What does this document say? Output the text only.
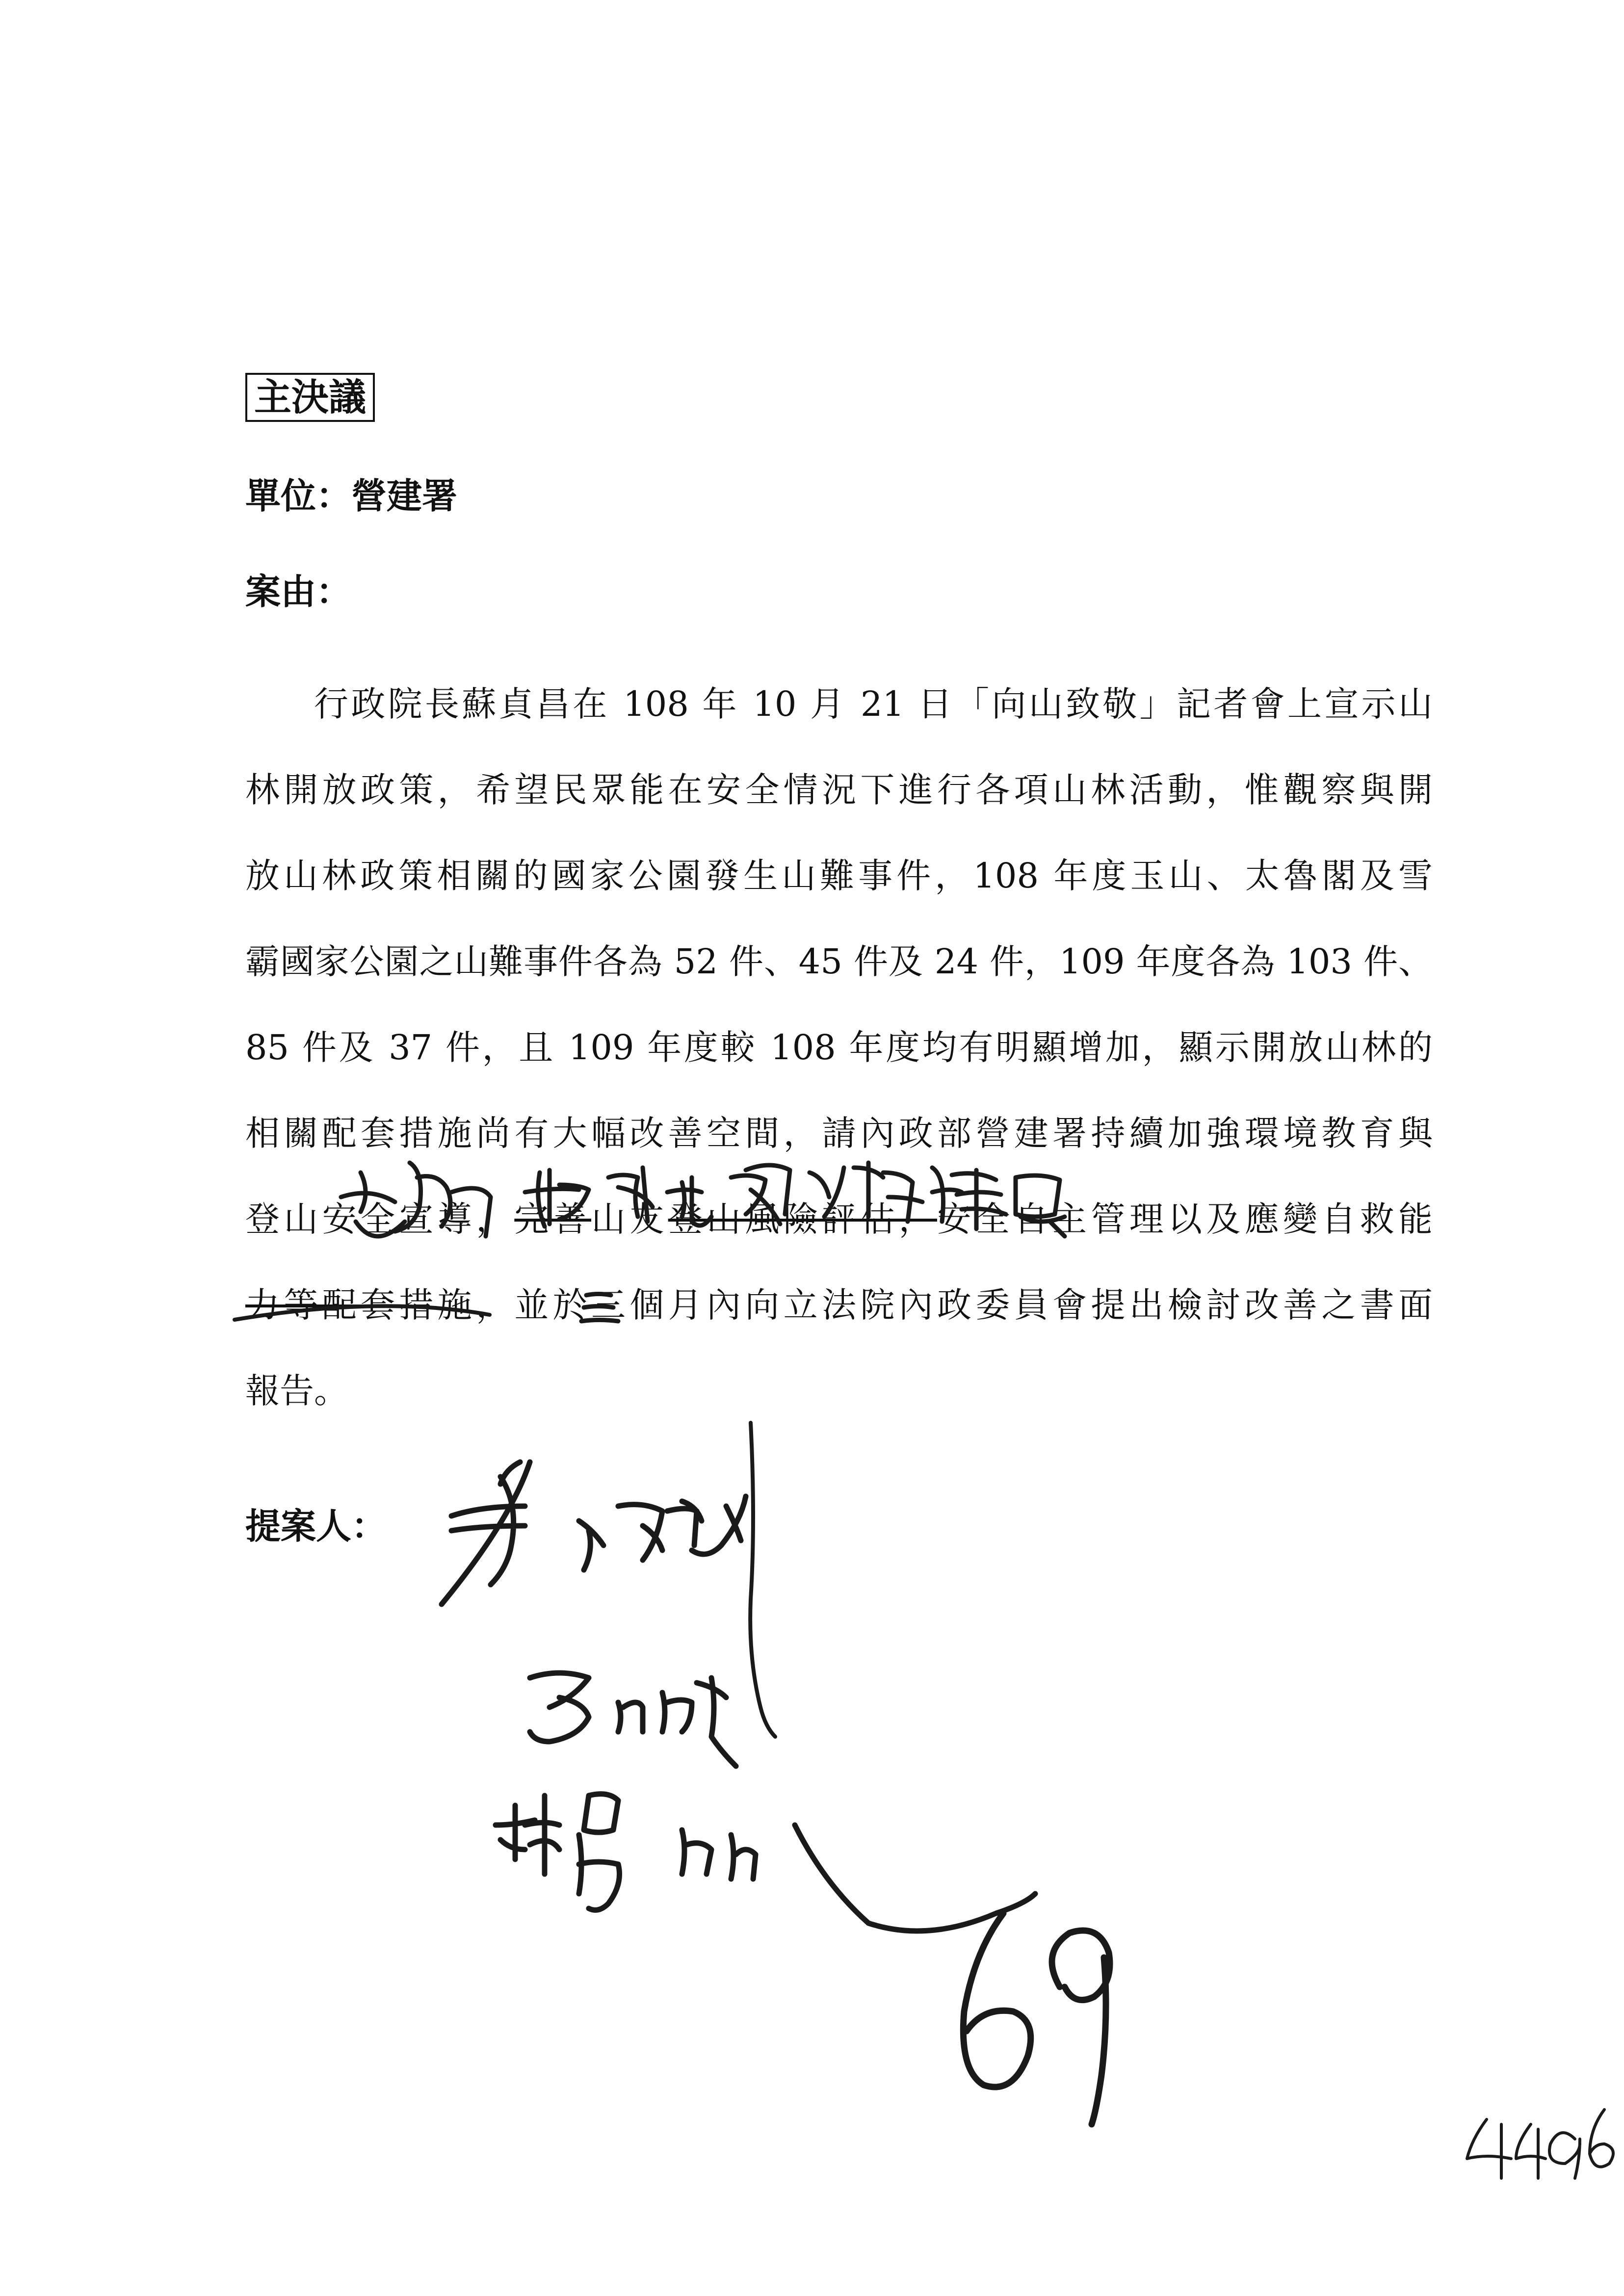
主決議
單位：營建署
案由：
行政院長蘇貞昌在 108 年 10 月 21 日「向山致敬」記者會上宣示山
林開放政策，希望民眾能在安全情況下進行各項山林活動，惟觀察與開
放山林政策相關的國家公園發生山難事件，108 年度玉山、太魯閣及雪
霸國家公園之山難事件各為 52 件、45 件及 24 件，109 年度各為 103 件、
85 件及 37 件，且 109 年度較 108 年度均有明顯增加，顯示開放山林的
相關配套措施尚有大幅改善空間，請內政部營建署持續加強環境教育與
登山安全宣導，完善山友登山風險評估，安全自主管理以及應變自救能
力等配套措施，並於三個月內向立法院內政委員會提出檢討改善之書面
報告。
提案人：
